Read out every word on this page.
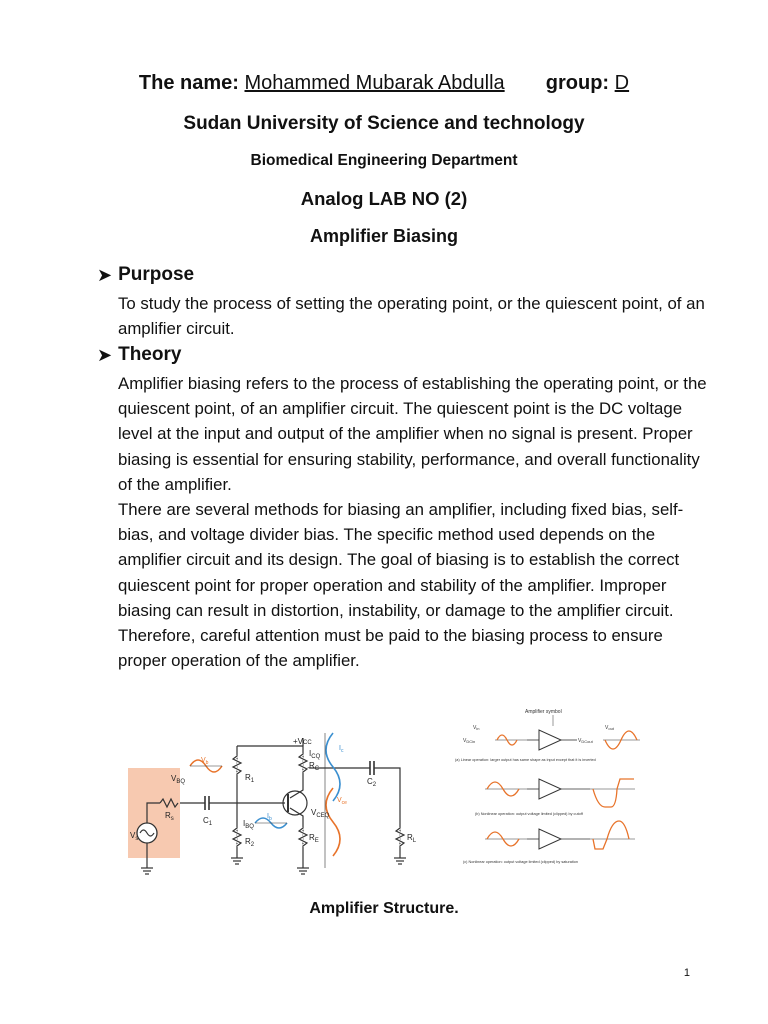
The name: Mohammed Mubarak Abdulla group: D
Sudan University of Science and technology
Biomedical Engineering Department
Analog LAB NO (2)
Amplifier Biasing
➤ Purpose

To study the process of setting the operating point, or the quiescent point, of an amplifier circuit.

➤ Theory

Amplifier biasing refers to the process of establishing the operating point, or the quiescent point, of an amplifier circuit. The quiescent point is the DC voltage level at the input and output of the amplifier when no signal is present. Proper biasing is essential for ensuring stability, performance, and overall functionality of the amplifier.

There are several methods for biasing an amplifier, including fixed bias, self-bias, and voltage divider bias. The specific method used depends on the amplifier circuit and its design. The goal of biasing is to establish the correct quiescent point for proper operation and stability of the amplifier. Improper biasing can result in distortion, instability, or damage to the amplifier circuit. Therefore, careful attention must be paid to the biasing process to ensure proper operation of the amplifier.

+VCC
$R_1$
$R_2$
$R_C$
$R_E$	$R_L$
$R_s$	$C_1$
$C_2$
$V_s$
$V_{BQ}$
$I_{BQ}$
$I_{CQ}$
$V_{CEQ}$
$V_b$
$V_{ce}$
$I_b$
$I_c$
Amplifier symbol
$V_{in}$
$V_{DCin}$
$V_{out}$
$V_{DCout}$
(a) Linear operation: larger output has same shape as input except that it is inverted
(b) Nonlinear operation: output voltage limited (clipped) by cutoff
(c) Nonlinear operation: output voltage limited (clipped) by saturation
Amplifier Structure.
1
